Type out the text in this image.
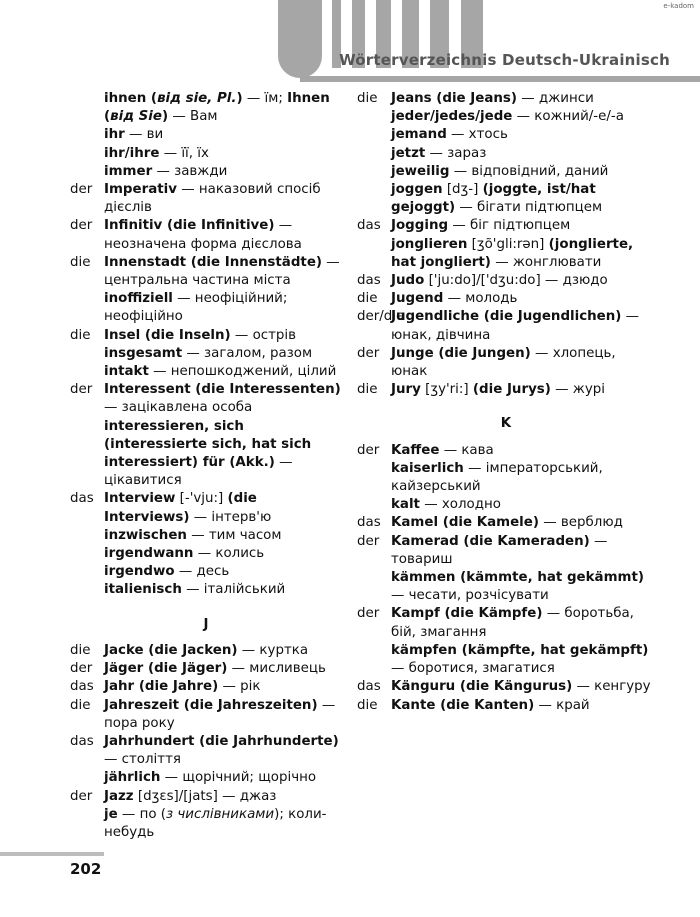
Wörterverzeichnis Deutsch-Ukrainisch
e-kadom
ihnen (від sie, Pl.) — їм; Ihnen (від Sie) — Вам
ihr — ви
ihr/ihre — її, їх
immer — завжди
der Imperativ — наказовий спосіб дієслів
der Infinitiv (die Infinitive) — неозначена форма дієслова
die	Innenstadt (die Innenstädte) — центральна частина міста
inoffiziell — неофіційний; неофіційно
die	Insel (die Inseln) — острів
insgesamt — загалом, разом
intakt — непошкоджений, цілий
der Interessent (die Interessenten) — зацікавлена особа
interessieren, sich (interessierte sich, hat sich interessiert) für (Akk.) — цікавитися
das Interview [-'vju:] (die Interviews) — інтерв'ю
inzwischen — тим часом
irgendwann — колись
irgendwo — десь
italienisch — італійський
J
die	Jacke (die Jacken) — куртка
der Jäger (die Jäger) — мисливець
das Jahr (die Jahre) — рік
die	Jahreszeit (die Jahreszeiten) — пора року
das Jahrhundert (die Jahrhunderte) — століття
jährlich — щорічний; щорічно
der Jazz [dʒɛs]/[jats] — джаз
je — по (з числівниками); коли-небудь
die	Jeans (die Jeans) — джинси
jeder/jedes/jede — кожний/-е/-а
jemand — хтось
jetzt — зараз
jeweilig — відповідний, даний
joggen [dʒ-] (joggte, ist/hat gejoggt) — бігати підтюпцем
das Jogging — біг підтюпцем
jonglieren [ʒõ'gli:rən] (jonglierte, hat jongliert) — жонглювати
das Judo ['ju:do]/['dʒu:do] — дзюдо
die	Jugend — молодь
der/die
Jugendliche (die Jugendlichen) — юнак, дівчина
der Junge (die Jungen) — хлопець, юнак
die	Jury [ʒy'ri:] (die Jurys) — журі
K
der Kaffee — кава
kaiserlich — імператорський, кайзерський
kalt — холодно
das Kamel (die Kamele) — верблюд
der Kamerad (die Kameraden) — товариш
kämmen (kämmte, hat gekämmt) — чесати, розчісувати
der Kampf (die Kämpfe) — боротьба, бій, змагання
kämpfen (kämpfte, hat gekämpft) — боротися, змагатися
das Känguru (die Kängurus) — кенгуру
die	Kante (die Kanten) — край
202
